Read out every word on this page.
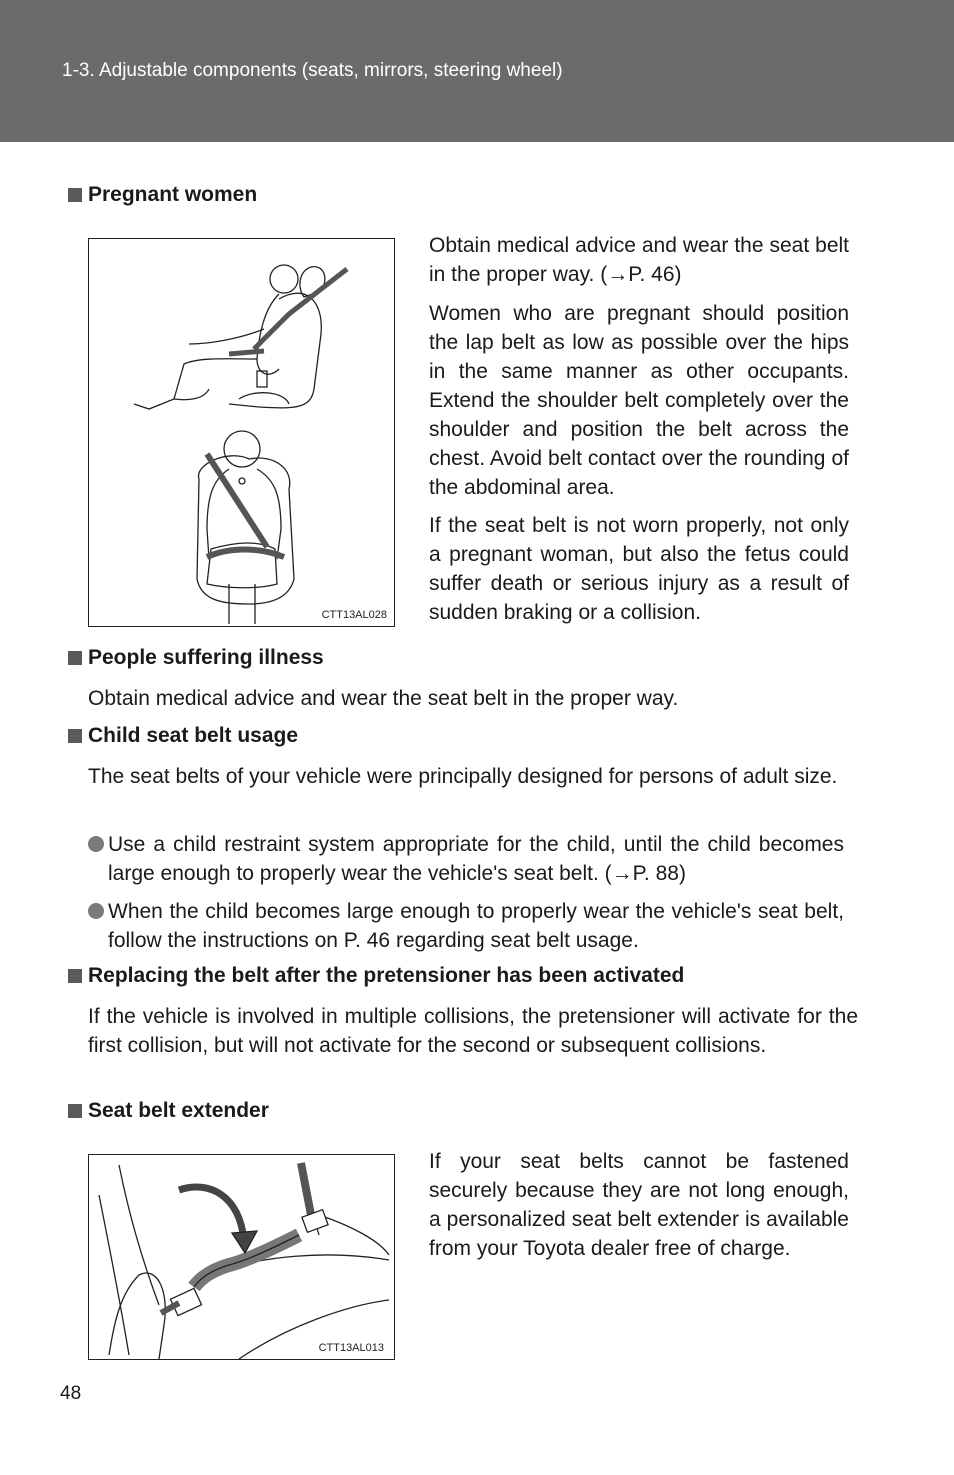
1-3. Adjustable components (seats, mirrors, steering wheel)
Pregnant women
CTT13AL028
Obtain medical advice and wear the seat belt in the proper way. (→P. 46)
Women who are pregnant should position the lap belt as low as possible over the hips in the same manner as other occupants. Extend the shoulder belt completely over the shoulder and position the belt across the chest. Avoid belt contact over the rounding of the abdominal area.
If the seat belt is not worn properly, not only a pregnant woman, but also the fetus could suffer death or serious injury as a result of sudden braking or a collision.
People suffering illness
Obtain medical advice and wear the seat belt in the proper way.
Child seat belt usage
The seat belts of your vehicle were principally designed for persons of adult size.
Use a child restraint system appropriate for the child, until the child becomes large enough to properly wear the vehicle's seat belt. (→P. 88)
When the child becomes large enough to properly wear the vehicle's seat belt, follow the instructions on P. 46 regarding seat belt usage.
Replacing the belt after the pretensioner has been activated
If the vehicle is involved in multiple collisions, the pretensioner will activate for the first collision, but will not activate for the second or subsequent collisions.
Seat belt extender
CTT13AL013
If your seat belts cannot be fastened securely because they are not long enough, a personalized seat belt extender is available from your Toyota dealer free of charge.
48
